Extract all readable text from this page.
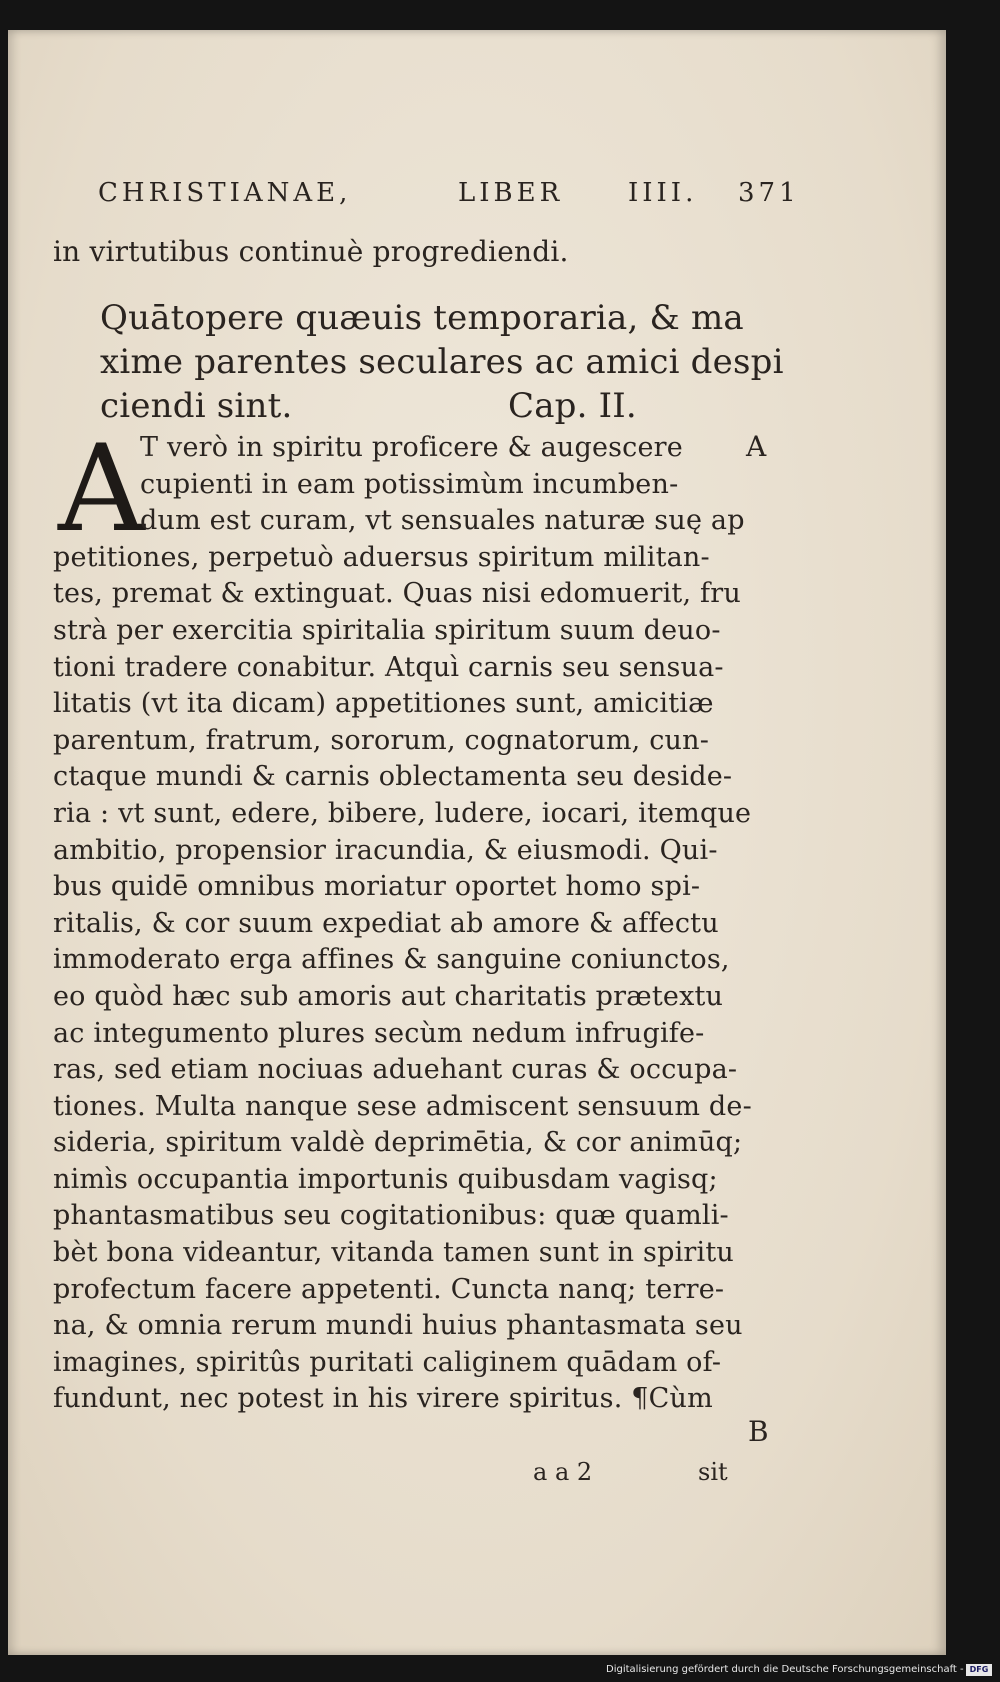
CHRISTIANAE,	LIBER IIII. 371
in virtutibus continuè progrediendi.
Quātopere quæuis temporaria, & ma
xime parentes seculares ac amici despi
ciendi sint.	Cap. II.
A
T verò in spiritu proficere & augescere
cupienti in eam potissimùm incumben-
dum est curam, vt sensuales naturæ suę ap
petitiones, perpetuò aduersus spiritum militan-
tes, premat & extinguat. Quas nisi edomuerit, fru
strà per exercitia spiritalia spiritum suum deuo-
tioni tradere conabitur. Atquì carnis seu sensua-
litatis (vt ita dicam) appetitiones sunt, amicitiæ
parentum, fratrum, sororum, cognatorum, cun-
ctaque mundi & carnis oblectamenta seu deside-
ria : vt sunt, edere, bibere, ludere, iocari, itemque
ambitio, propensior iracundia, & eiusmodi. Qui-
bus quidē omnibus moriatur oportet homo spi-
ritalis, & cor suum expediat ab amore & affectu
immoderato erga affines & sanguine coniunctos,
eo quòd hæc sub amoris aut charitatis prætextu
ac integumento plures secùm nedum infrugife-
ras, sed etiam nociuas aduehant curas & occupa-
tiones. Multa nanque sese admiscent sensuum de-
sideria, spiritum valdè deprimētia, & cor animūq;
nimìs occupantia importunis quibusdam vagisq;
phantasmatibus seu cogitationibus: quæ quamli-
bèt bona videantur, vitanda tamen sunt in spiritu
profectum facere appetenti. Cuncta nanq; terre-
na, & omnia rerum mundi huius phantasmata seu
imagines, spiritûs puritati caliginem quādam of-
fundunt, nec potest in his virere spiritus. ¶Cùm
A
B
a a 2	sit
Digitalisierung gefördert durch die Deutsche Forschungsgemeinschaft - DFG
